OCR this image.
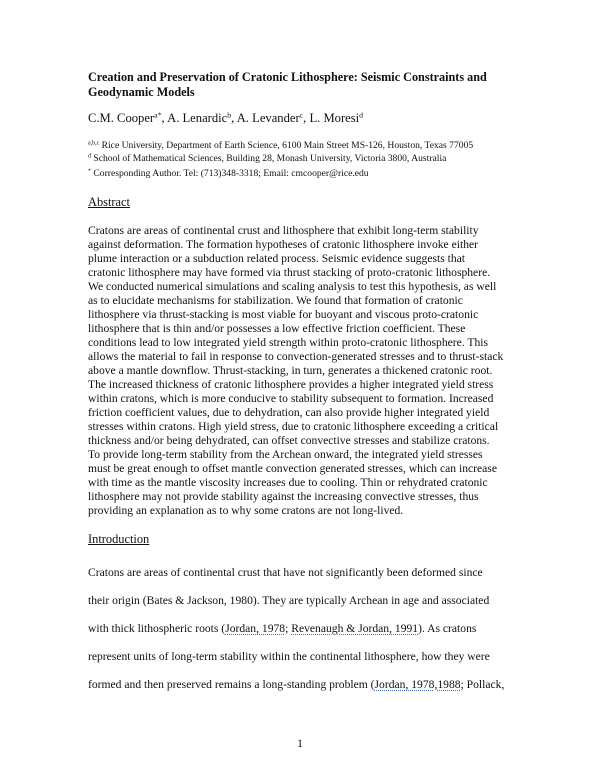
Creation and Preservation of Cratonic Lithosphere: Seismic Constraints and Geodynamic Models
C.M. Cooper$^{a*}$, A. Lenardic$^b$, A. Levander$^c$, L. Moresi$^d$
$^{a,b,c}$ Rice University, Department of Earth Science, 6100 Main Street MS-126, Houston, Texas 77005
$^d$ School of Mathematical Sciences, Building 28, Monash University, Victoria 3800, Australia
* Corresponding Author. Tel: (713)348-3318; Email: cmcooper@rice.edu
Abstract

Cratons are areas of continental crust and lithosphere that exhibit long-term stability
against deformation. The formation hypotheses of cratonic lithosphere invoke either
plume interaction or a subduction related process. Seismic evidence suggests that
cratonic lithosphere may have formed via thrust stacking of proto-cratonic lithosphere.
We conducted numerical simulations and scaling analysis to test this hypothesis, as well
as to elucidate mechanisms for stabilization. We found that formation of cratonic
lithosphere via thrust-stacking is most viable for buoyant and viscous proto-cratonic
lithosphere that is thin and/or possesses a low effective friction coefficient. These
conditions lead to low integrated yield strength within proto-cratonic lithosphere. This
allows the material to fail in response to convection-generated stresses and to thrust-stack
above a mantle downflow. Thrust-stacking, in turn, generates a thickened cratonic root.
The increased thickness of cratonic lithosphere provides a higher integrated yield stress
within cratons, which is more conducive to stability subsequent to formation. Increased
friction coefficient values, due to dehydration, can also provide higher integrated yield
stresses within cratons. High yield stress, due to cratonic lithosphere exceeding a critical
thickness and/or being dehydrated, can offset convective stresses and stabilize cratons.
To provide long-term stability from the Archean onward, the integrated yield stresses
must be great enough to offset mantle convection generated stresses, which can increase
with time as the mantle viscosity increases due to cooling. Thin or rehydrated cratonic
lithosphere may not provide stability against the increasing convective stresses, thus
providing an explanation as to why some cratons are not long-lived.

Introduction

Cratons are areas of continental crust that have not significantly been deformed since
their origin (Bates & Jackson, 1980). They are typically Archean in age and associated
with thick lithospheric roots (Jordan, 1978; Revenaugh & Jordan, 1991). As cratons
represent units of long-term stability within the continental lithosphere, how they were
formed and then preserved remains a long-standing problem (Jordan, 1978,1988; Pollack,

1
